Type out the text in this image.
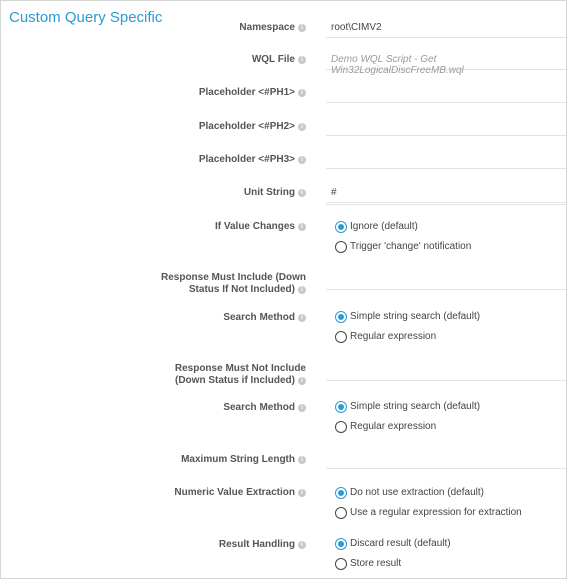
Custom Query Specific
Namespace i	root\CIMV2
WQL File i	Demo WQL Script - Get Win32LogicalDiscFreeMB.wql
Placeholder <#PH1> i
Placeholder <#PH2> i
Placeholder <#PH3> i
Unit String i	#
If Value Changes i	Ignore (default)
Trigger 'change' notification
Response Must Include (Down
Status If Not Included) i
Search Method i	Simple string search (default)
Regular expression
Response Must Not Include
(Down Status if Included) i
Search Method i	Simple string search (default)
Regular expression
Maximum String Length i
Numeric Value Extraction i	Do not use extraction (default)
Use a regular expression for extraction
Result Handling i	Discard result (default)
Store result
